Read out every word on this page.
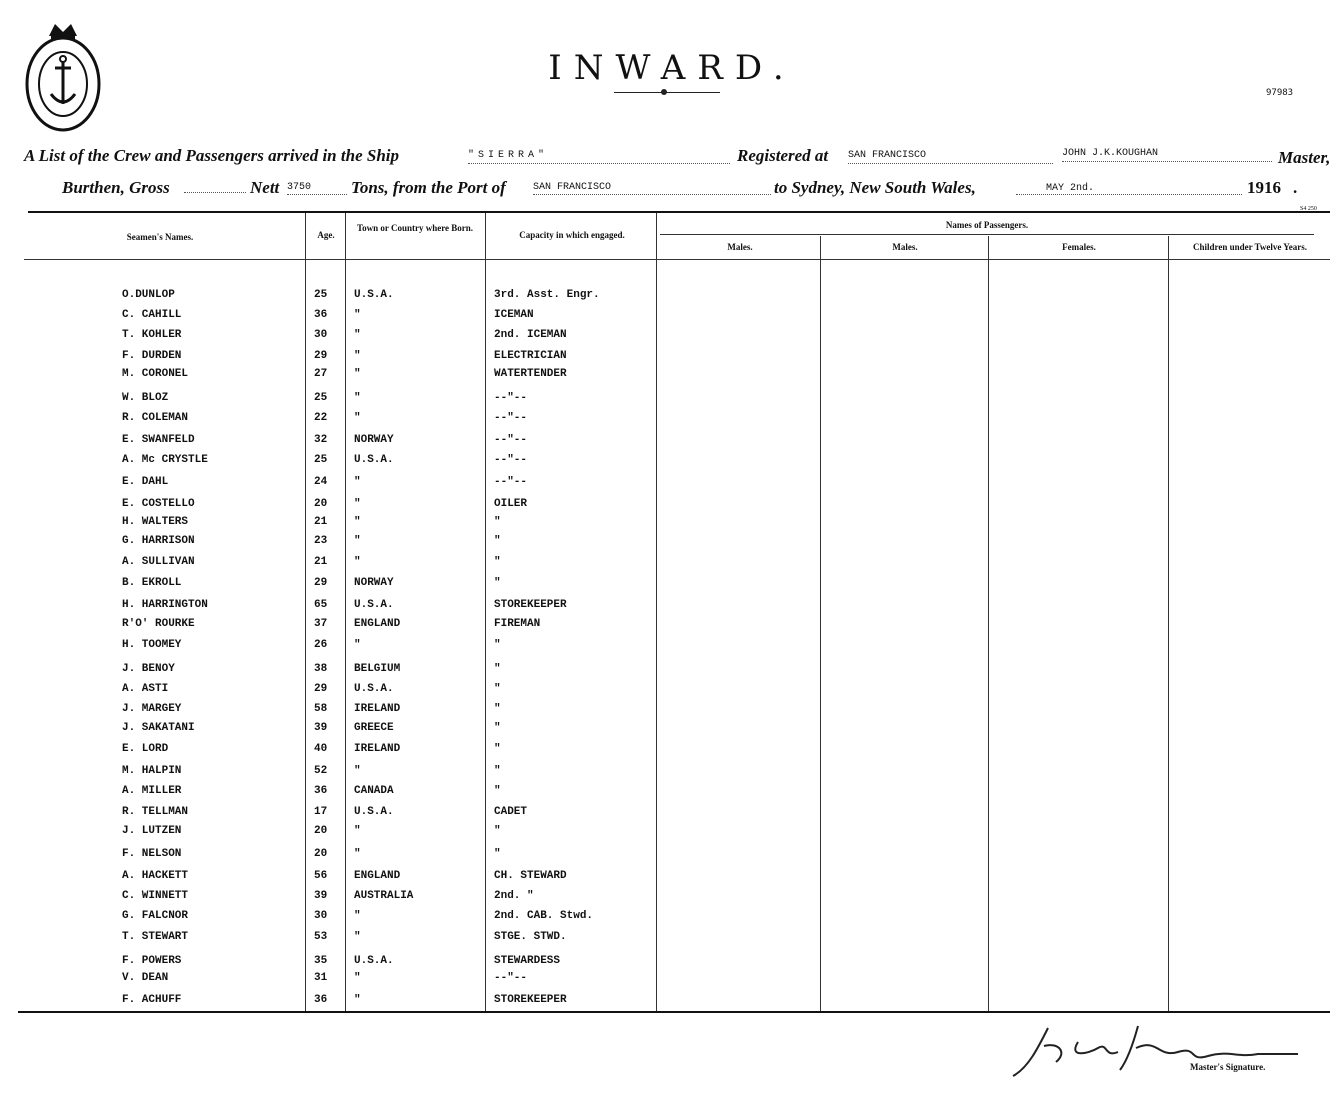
INWARD.
97983
A List of the Crew and Passengers arrived in the Ship	"SIERRA"	Registered at SAN FRANCISCO	JOHN J.K.KOUGHAN	Master,
Burthen, Gross	Nett 3750	Tons, from the Port of	SAN FRANCISCO	to Sydney, New South Wales,	MAY 2nd.	1916 .
S4 250
Seamen's Names.	Age.
Town or Country where Born.
Capacity in which engaged.
Names of Passengers.
Males.	Males.	Females.	Children under Twelve Years.
O.DUNLOP	25 U.S.A.	3rd. Asst. Engr.
C. CAHILL	36 "	ICEMAN
T. KOHLER	30 "	2nd. ICEMAN
F. DURDEN	29 "	ELECTRICIAN
M. CORONEL	27 "	WATERTENDER
W. BLOZ	25 "	--"--
R. COLEMAN	22 "	--"--
E. SWANFELD	32 NORWAY	--"--
A. Mc CRYSTLE	25 U.S.A.	--"--
E. DAHL	24 "	--"--
E. COSTELLO	20 "	OILER
H. WALTERS	21 "	"
G. HARRISON	23 "	"
A. SULLIVAN	21 "	"
B. EKROLL	29 NORWAY	"
H. HARRINGTON	65 U.S.A.	STOREKEEPER
R'O' ROURKE	37 ENGLAND	FIREMAN
H. TOOMEY	26 "	"
J. BENOY	38 BELGIUM	"
A. ASTI	29 U.S.A.	"
J. MARGEY	58 IRELAND	"
J. SAKATANI	39 GREECE	"
E. LORD	40 IRELAND	"
M. HALPIN	52 "	"
A. MILLER	36 CANADA	"
R. TELLMAN	17 U.S.A.	CADET
J. LUTZEN	20 "	"
F. NELSON	20 "	"
A. HACKETT	56 ENGLAND	CH. STEWARD
C. WINNETT	39 AUSTRALIA	2nd. "
G. FALCNOR	30 "	2nd. CAB. Stwd.
T. STEWART	53 "	STGE. STWD.
F. POWERS	35 U.S.A.	STEWARDESS
V. DEAN	31 "	--"--
F. ACHUFF	36 "	STOREKEEPER
Master's Signature.
